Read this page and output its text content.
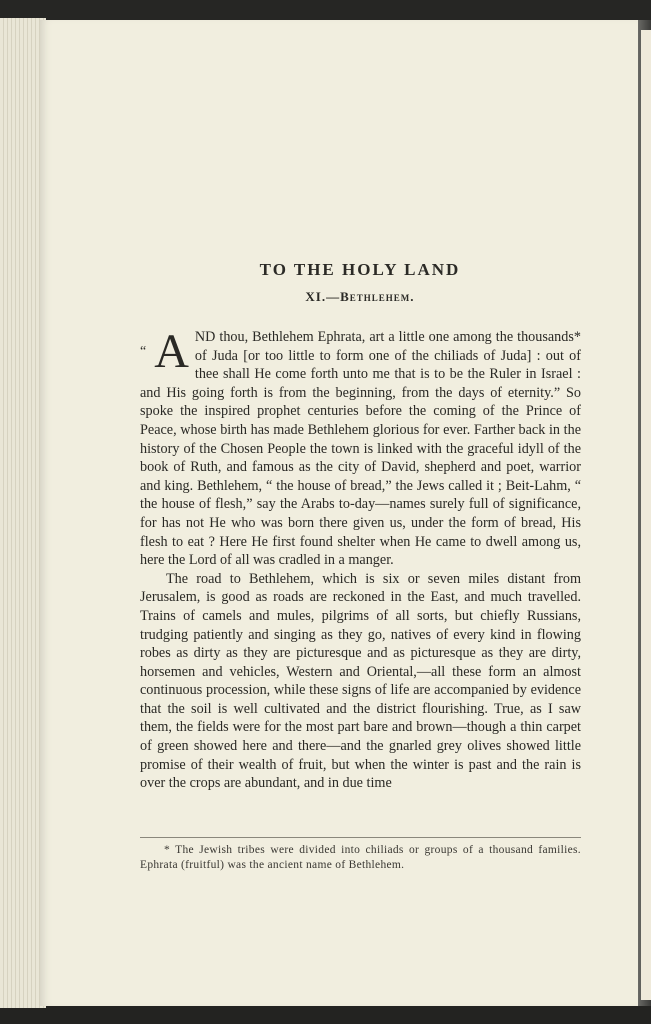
TO THE HOLY LAND
XI.—Bethlehem.

“ A ND thou, Bethlehem Ephrata, art a little one among the thousands* of Juda [or too little to form one of the chiliads of Juda] : out of thee shall He come forth unto me that is to be the Ruler in Israel : and His going forth is from the beginning, from the days of eternity.” So spoke the inspired prophet centuries before the coming of the Prince of Peace, whose birth has made Bethlehem glorious for ever. Farther back in the history of the Chosen People the town is linked with the graceful idyll of the book of Ruth, and famous as the city of David, shepherd and poet, warrior and king. Bethlehem, “ the house of bread,” the Jews called it ; Beit-Lahm, “ the house of flesh,” say the Arabs to-day—names surely full of significance, for has not He who was born there given us, under the form of bread, His flesh to eat ? Here He first found shelter when He came to dwell among us, here the Lord of all was cradled in a manger.

The road to Bethlehem, which is six or seven miles distant from Jerusalem, is good as roads are reckoned in the East, and much travelled. Trains of camels and mules, pilgrims of all sorts, but chiefly Russians, trudging patiently and singing as they go, natives of every kind in flowing robes as dirty as they are picturesque and as picturesque as they are dirty, horsemen and vehicles, Western and Oriental,—all these form an almost continuous procession, while these signs of life are accompanied by evidence that the soil is well cultivated and the district flourishing. True, as I saw them, the fields were for the most part bare and brown—though a thin carpet of green showed here and there—and the gnarled grey olives showed little promise of their wealth of fruit, but when the winter is past and the rain is over the crops are abundant, and in due time

* The Jewish tribes were divided into chiliads or groups of a thousand families. Ephrata (fruitful) was the ancient name of Bethlehem.
